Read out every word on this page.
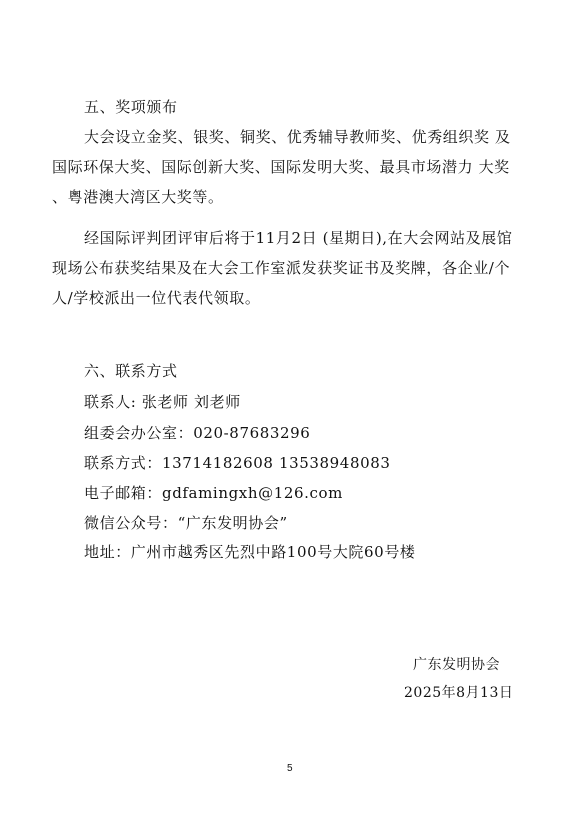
五、奖项颁布
大会设立金奖、银奖、铜奖、优秀辅导教师奖、优秀组织奖 及
国际环保大奖、国际创新大奖、国际发明大奖、最具市场潜力 大奖
、粤港澳大湾区大奖等。
经国际评判团评审后将于11月2日 (星期日),在大会网站及展馆
现场公布获奖结果及在大会工作室派发获奖证书及奖牌，各企业/个
人/学校派出一位代表代领取。
六、联系方式
联系人: 张老师 刘老师
组委会办公室：020-87683296
联系方式：13714182608 13538948083
电子邮箱：gdfamingxh@126.com
微信公众号：“广东发明协会”
地址：广州市越秀区先烈中路100号大院60号楼
广东发明协会
2025年8月13日
5
